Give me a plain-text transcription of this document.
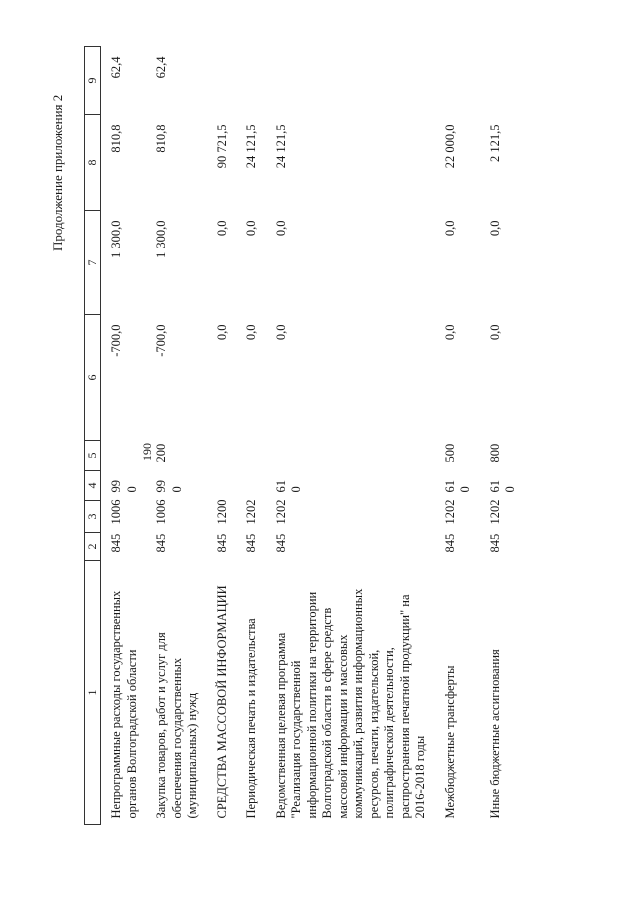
190
Продолжение приложения 2
1	2	3	4	5	6	7	8	9
Непрограммные расходы государственных органов Волгоградской области	845	1006	99 0		-700,0	1 300,0	810,8	62,4
Закупка товаров, работ и услуг для обеспечения государственных (муниципальных) нужд	845	1006	99 0	200	-700,0	1 300,0	810,8	62,4
СРЕДСТВА МАССОВОЙ ИНФОРМАЦИИ	845	1200			0,0	0,0	90 721,5	
Периодическая печать и издательства	845	1202			0,0	0,0	24 121,5	
Ведомственная целевая программа "Реализация государственной информационной политики на территории Волгоградской области в сфере средств массовой информации и массовых коммуникаций, развития информационных ресурсов, печати, издательской, полиграфической деятельности, распространения печатной продукции" на 2016-2018 годы	845	1202	61 0		0,0	0,0	24 121,5	
Межбюджетные трансферты	845	1202	61 0	500	0,0	0,0	22 000,0	
Иные бюджетные ассигнования	845	1202	61 0	800	0,0	0,0	2 121,5	
